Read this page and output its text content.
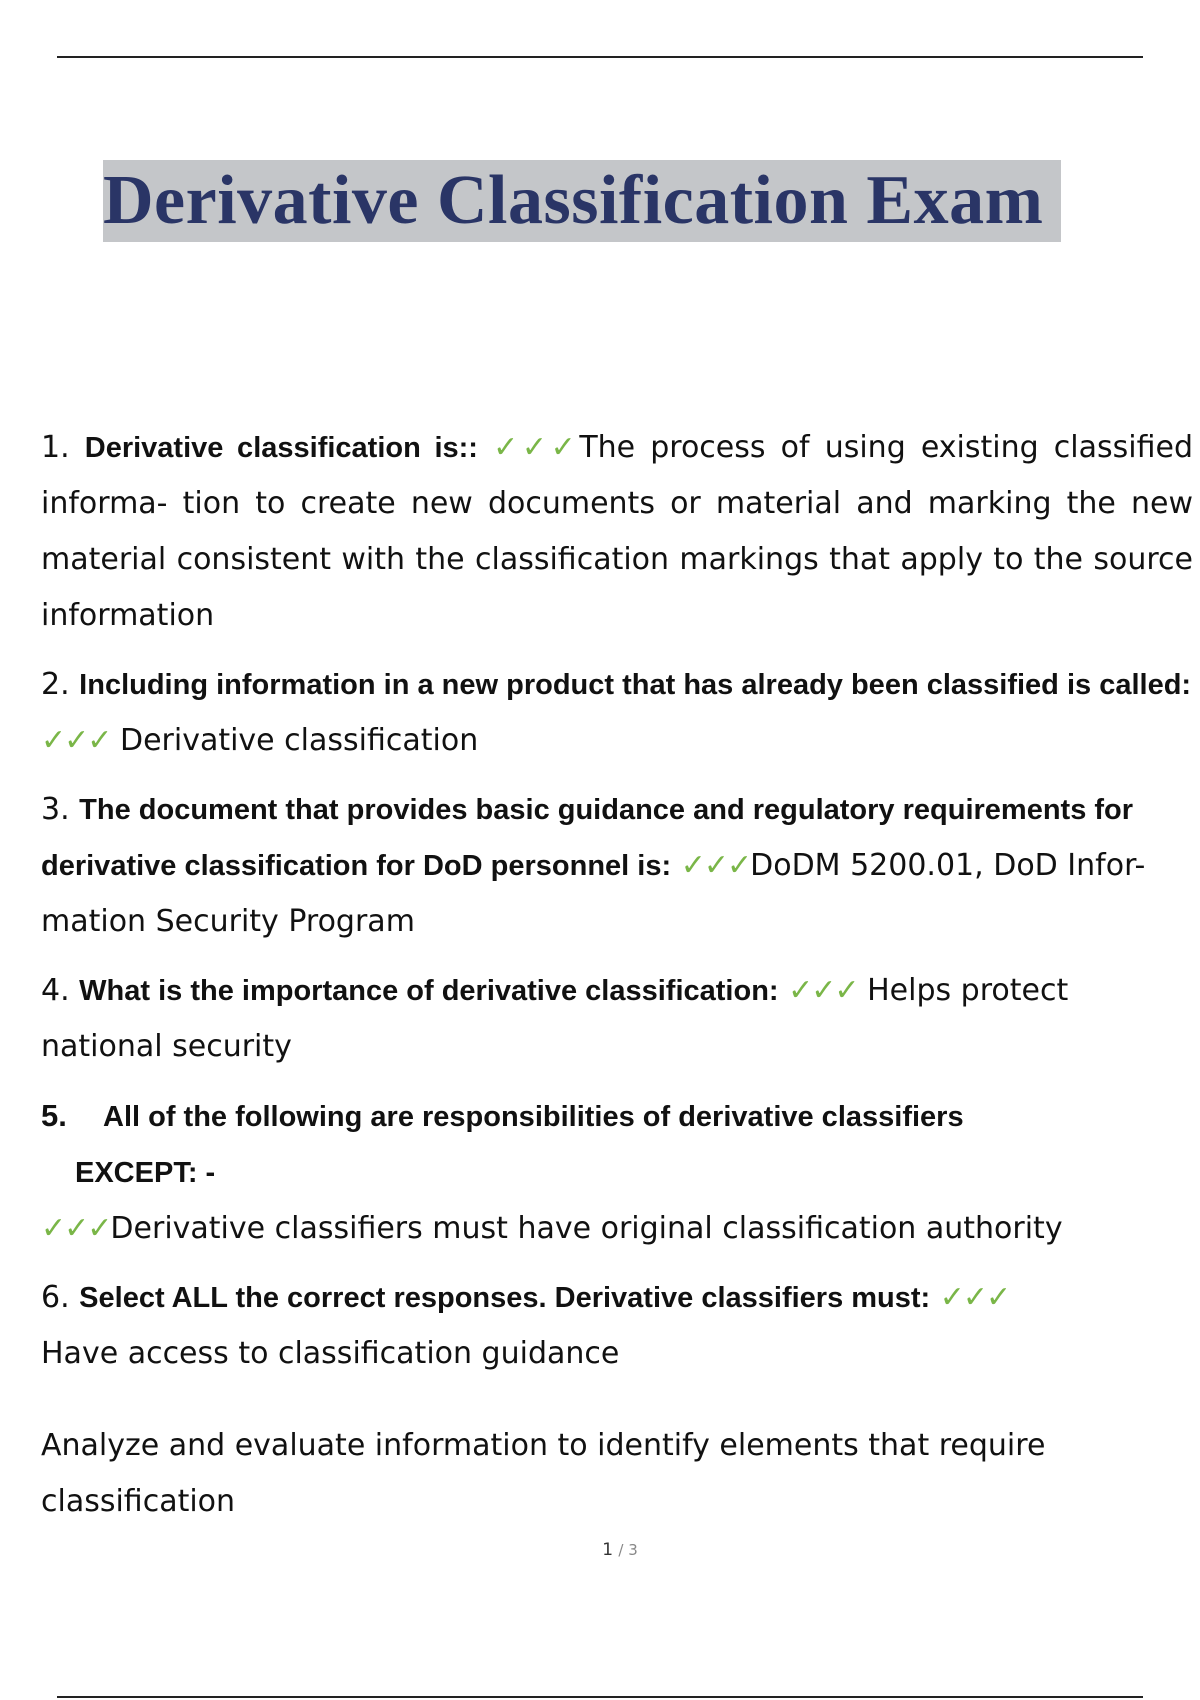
Derivative Classification Exam

1. Derivative classification is:: ✓✓✓The process of using existing classified informa- tion to create new documents or material and marking the new material consistent with the classification markings that apply to the source information

2. Including information in a new product that has already been classified is called: ✓✓✓ Derivative classification

3. The document that provides basic guidance and regulatory requirements for derivative classification for DoD personnel is: ✓✓✓DoDM 5200.01, DoD Infor- mation Security Program

4. What is the importance of derivative classification: ✓✓✓ Helps protect national security

5. All of the following are responsibilities of derivative classifiers
EXCEPT: -
✓✓✓Derivative classifiers must have original classification authority

6. Select ALL the correct responses. Derivative classifiers must: ✓✓✓
Have access to classification guidance

Analyze and evaluate information to identify elements that require classification

1 / 3
